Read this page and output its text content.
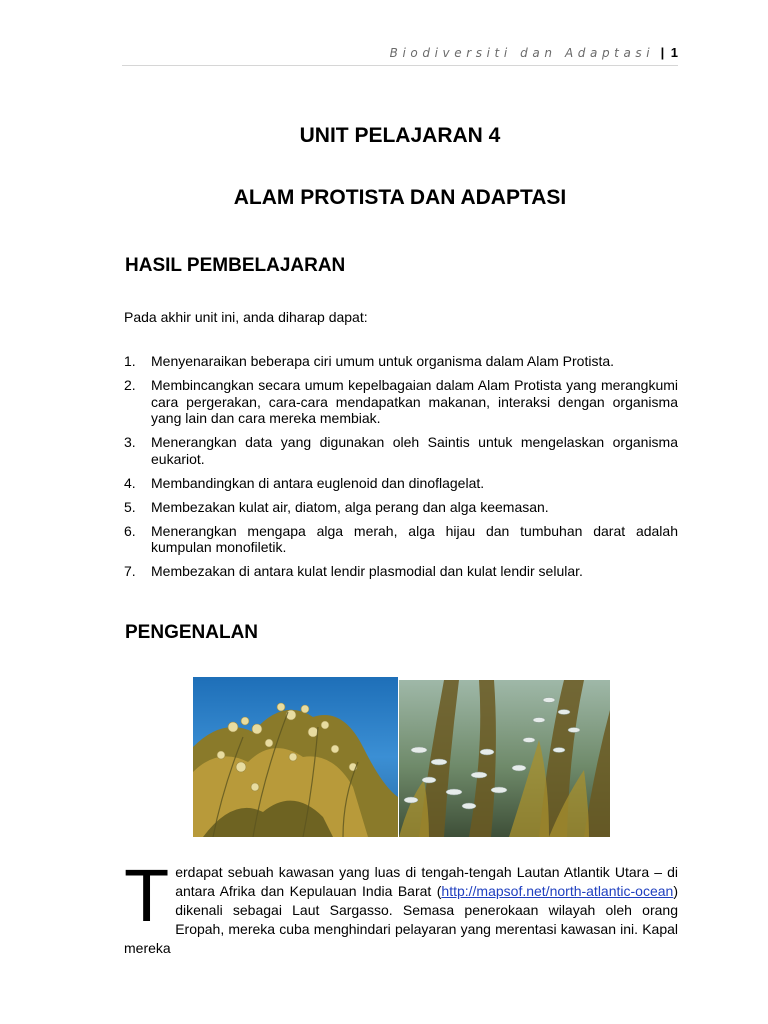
Biodiversiti dan Adaptasi | 1
UNIT PELAJARAN 4
ALAM PROTISTA DAN ADAPTASI
HASIL PEMBELAJARAN

Pada akhir unit ini, anda diharap dapat:

1. Menyenaraikan beberapa ciri umum untuk organisma dalam Alam Protista.
2. Membincangkan secara umum kepelbagaian dalam Alam Protista yang merangkumi cara pergerakan, cara-cara mendapatkan makanan, interaksi dengan organisma yang lain dan cara mereka membiak.
3. Menerangkan data yang digunakan oleh Saintis untuk mengelaskan organisma eukariot.
4. Membandingkan di antara euglenoid dan dinoflagelat.
5. Membezakan kulat air, diatom, alga perang dan alga keemasan.
6. Menerangkan mengapa alga merah, alga hijau dan tumbuhan darat adalah kumpulan monofiletik.
7. Membezakan di antara kulat lendir plasmodial dan kulat lendir selular.
PENGENALAN

Terdapat sebuah kawasan yang luas di tengah-tengah Lautan Atlantik Utara – di antara Afrika dan Kepulauan India Barat (http://mapsof.net/north-atlantic-ocean) dikenali sebagai Laut Sargasso. Semasa penerokaan wilayah oleh orang Eropah, mereka cuba menghindari pelayaran yang merentasi kawasan ini. Kapal mereka
